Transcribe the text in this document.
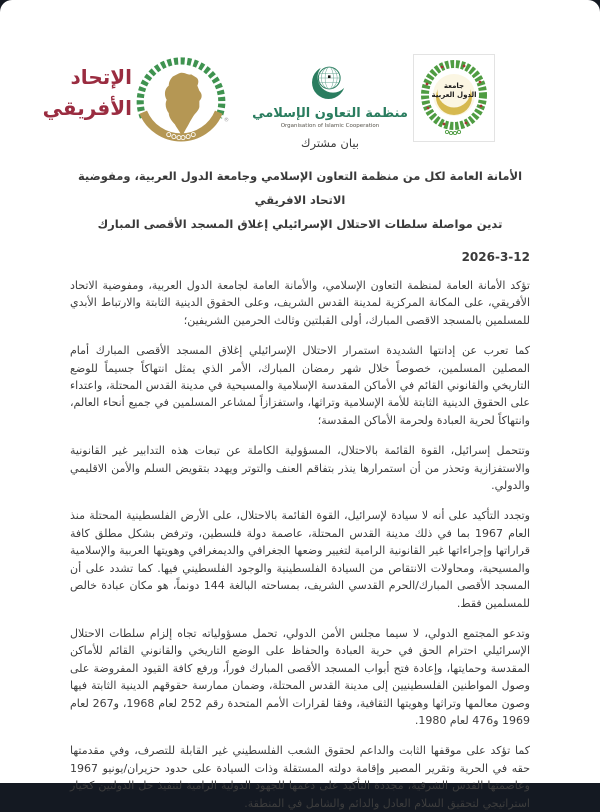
الإتحاد
الأفريقي
® منظمة التعاون الإسلامي
Organisation of Islamic Cooperation
بيان مشترك
جامعة
الدول العربية
الأمانة العامة لكل من منظمة التعاون الإسلامي وجامعة الدول العربية، ومفوضية الاتحاد الافريقي
تدين مواصلة سلطات الاحتلال الإسرائيلي إغلاق المسجد الأقصى المبارك
2026-3-12

تؤكد الأمانة العامة لمنظمة التعاون الإسلامي، والأمانة العامة لجامعة الدول العربية، ومفوضية الاتحاد الأفريقي، على المكانة المركزية لمدينة القدس الشريف، وعلى الحقوق الدينية الثابتة والارتباط الأبدي للمسلمين بالمسجد الاقصى المبارك، أولى القبلتين وثالث الحرمين الشريفين؛

كما تعرب عن إدانتها الشديدة استمرار الاحتلال الإسرائيلي إغلاق المسجد الأقصى المبارك أمام المصلين المسلمين، خصوصاً خلال شهر رمضان المبارك، الأمر الذي يمثل انتهاكاً جسيماً للوضع التاريخي والقانوني القائم في الأماكن المقدسة الإسلامية والمسيحية في مدينة القدس المحتلة، واعتداء على الحقوق الدينية الثابتة للأمة الإسلامية وتراثها، واستفزازاً لمشاعر المسلمين في جميع أنحاء العالم، وانتهاكاً لحرية العبادة ولحرمة الأماكن المقدسة؛

وتتحمل إسرائيل، القوة القائمة بالاحتلال، المسؤولية الكاملة عن تبعات هذه التدابير غير القانونية والاستفزازية وتحذر من أن استمرارها ينذر بتفاقم العنف والتوتر ويهدد بتقويض السلم والأمن الاقليمي والدولي.

وتجدد التأكيد على أنه لا سيادة لإسرائيل، القوة القائمة بالاحتلال، على الأرض الفلسطينية المحتلة منذ العام 1967 بما في ذلك مدينة القدس المحتلة، عاصمة دولة فلسطين، وترفض بشكل مطلق كافة قراراتها وإجراءاتها غير القانونية الرامية لتغيير وضعها الجغرافي والديمغرافي وهويتها العربية والإسلامية والمسيحية، ومحاولات الانتقاص من السيادة الفلسطينية والوجود الفلسطيني فيها. كما تشدد على أن المسجد الأقصى المبارك/الحرم القدسي الشريف، بمساحته البالغة 144 دونماً، هو مكان عبادة خالص للمسلمين فقط.

وتدعو المجتمع الدولي، لا سيما مجلس الأمن الدولي، تحمل مسؤولياته تجاه إلزام سلطات الاحتلال الإسرائيلي احترام الحق في حرية العبادة والحفاظ على الوضع التاريخي والقانوني القائم للأماكن المقدسة وحمايتها، وإعادة فتح أبواب المسجد الأقصى المبارك فوراً، ورفع كافة القيود المفروضة على وصول المواطنين الفلسطينيين إلى مدينة القدس المحتلة، وضمان ممارسة حقوقهم الدينية الثابتة فيها وصون معالمها وتراثها وهويتها الثقافية، وفقا لقرارات الأمم المتحدة رقم 252 لعام 1968، و267 لعام 1969 و476 لعام 1980.

كما تؤكد على موقفها الثابت والداعم لحقوق الشعب الفلسطيني غير القابلة للتصرف، وفي مقدمتها حقه في الحرية وتقرير المصير وإقامة دولته المستقلة وذات السيادة على حدود حزيران/يونيو 1967 وعاصمتها القدس الشرقية، مجددة التأكيد على دعمها للجهود الدولية الرامية لتنفيذ حل الدولتين كخيار استراتيجي لتحقيق السلام العادل والدائم والشامل في المنطقة.
